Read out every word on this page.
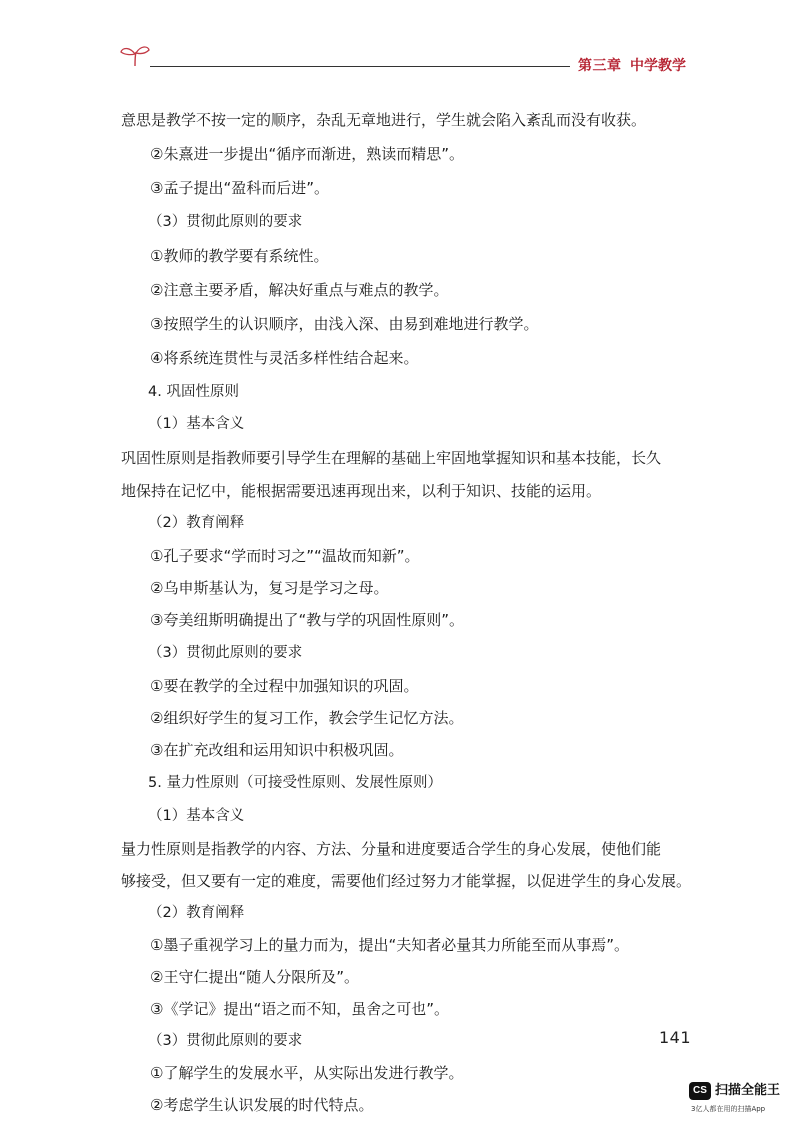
第三章 中学教学
意思是教学不按一定的顺序，杂乱无章地进行，学生就会陷入紊乱而没有收获。
②朱熹进一步提出“循序而渐进，熟读而精思”。
③孟子提出“盈科而后进”。
（3）贯彻此原则的要求
①教师的教学要有系统性。
②注意主要矛盾，解决好重点与难点的教学。
③按照学生的认识顺序，由浅入深、由易到难地进行教学。
④将系统连贯性与灵活多样性结合起来。
4. 巩固性原则
（1）基本含义
巩固性原则是指教师要引导学生在理解的基础上牢固地掌握知识和基本技能，长久
地保持在记忆中，能根据需要迅速再现出来，以利于知识、技能的运用。
（2）教育阐释
①孔子要求“学而时习之”“温故而知新”。
②乌申斯基认为，复习是学习之母。
③夸美纽斯明确提出了“教与学的巩固性原则”。
（3）贯彻此原则的要求
①要在教学的全过程中加强知识的巩固。
②组织好学生的复习工作，教会学生记忆方法。
③在扩充改组和运用知识中积极巩固。
5. 量力性原则（可接受性原则、发展性原则）
（1）基本含义
量力性原则是指教学的内容、方法、分量和进度要适合学生的身心发展，使他们能
够接受，但又要有一定的难度，需要他们经过努力才能掌握，以促进学生的身心发展。
（2）教育阐释
①墨子重视学习上的量力而为，提出“夫知者必量其力所能至而从事焉”。
②王守仁提出“随人分限所及”。
③《学记》提出“语之而不知，虽舍之可也”。
（3）贯彻此原则的要求
①了解学生的发展水平，从实际出发进行教学。
②考虑学生认识发展的时代特点。
141
CS 扫描全能王
3亿人都在用的扫描App
